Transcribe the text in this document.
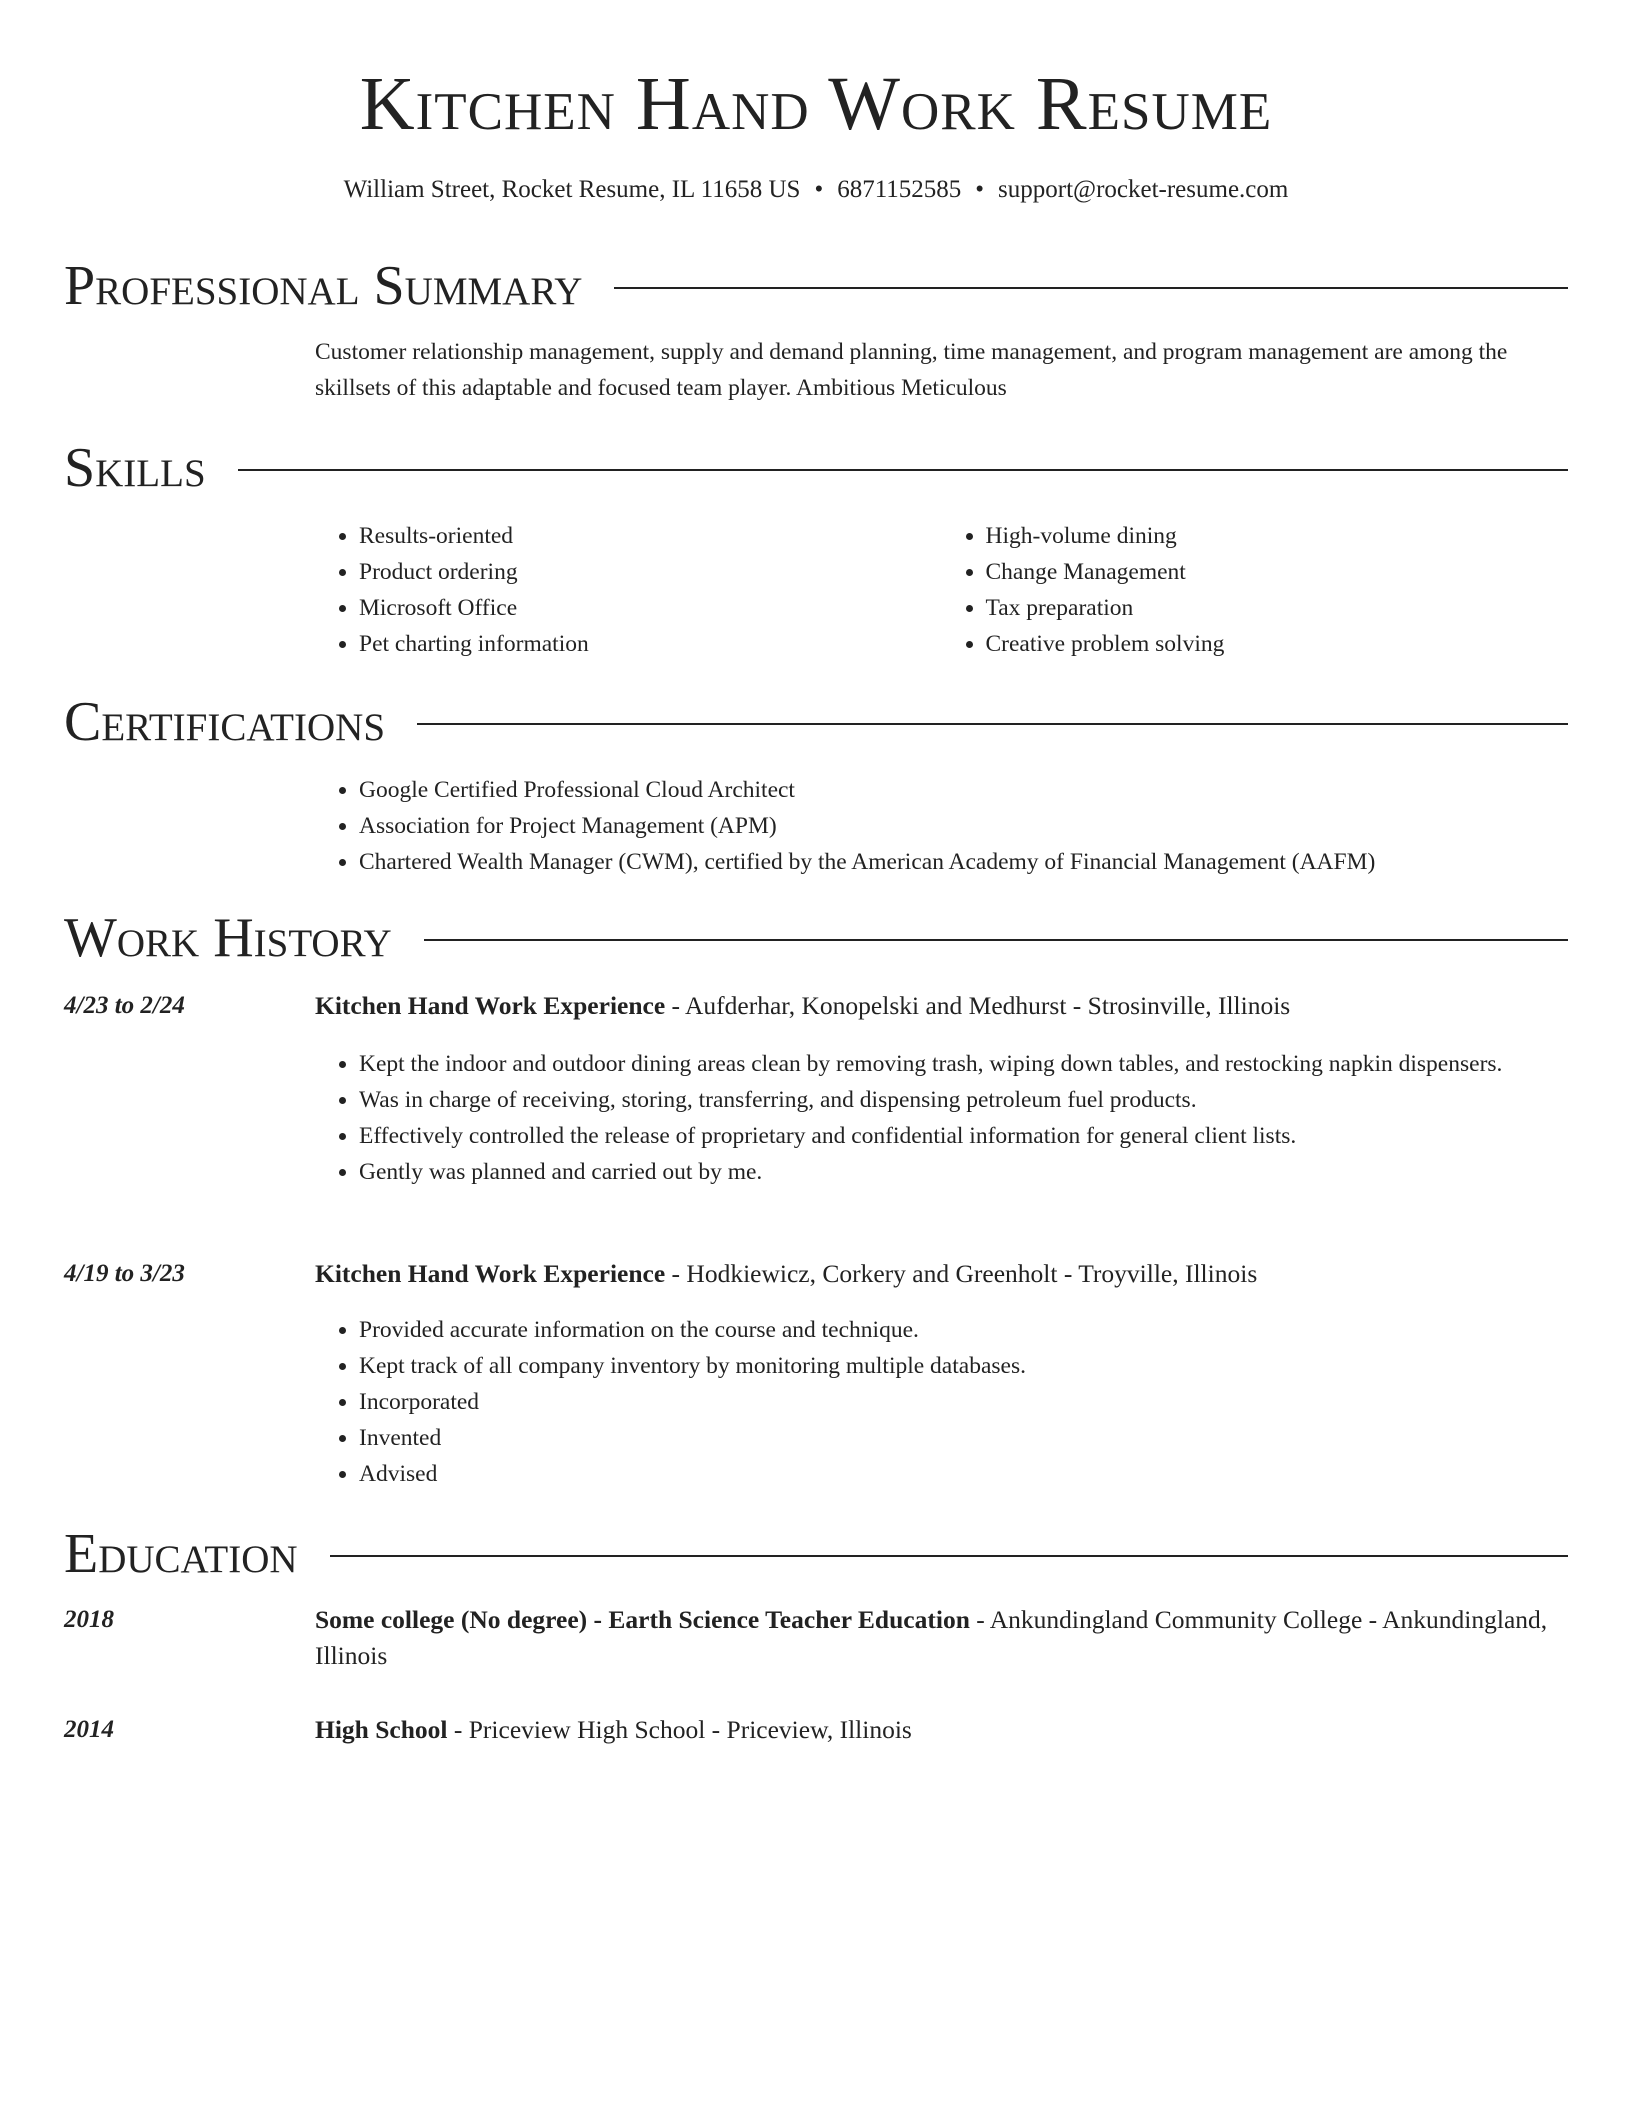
Kitchen Hand Work Resume
William Street, Rocket Resume, IL 11658 US • 6871152585 • support@rocket-resume.com
Professional Summary
Customer relationship management, supply and demand planning, time management, and program management are among the skillsets of this adaptable and focused team player. Ambitious Meticulous
Skills
• Results-oriented
• Product ordering
• Microsoft Office
• Pet charting information
• High-volume dining
• Change Management
• Tax preparation
• Creative problem solving
Certifications
• Google Certified Professional Cloud Architect
• Association for Project Management (APM)
• Chartered Wealth Manager (CWM), certified by the American Academy of Financial Management (AAFM)
Work History
4/23 to 2/24	Kitchen Hand Work Experience - Aufderhar, Konopelski and Medhurst - Strosinville, Illinois
• Kept the indoor and outdoor dining areas clean by removing trash, wiping down tables, and restocking napkin dispensers.
• Was in charge of receiving, storing, transferring, and dispensing petroleum fuel products.
• Effectively controlled the release of proprietary and confidential information for general client lists.
• Gently was planned and carried out by me.
4/19 to 3/23	Kitchen Hand Work Experience - Hodkiewicz, Corkery and Greenholt - Troyville, Illinois
• Provided accurate information on the course and technique.
• Kept track of all company inventory by monitoring multiple databases.
• Incorporated
• Invented
• Advised
Education
2018	Some college (No degree) - Earth Science Teacher Education - Ankundingland Community College - Ankundingland, Illinois
2014	High School - Priceview High School - Priceview, Illinois
